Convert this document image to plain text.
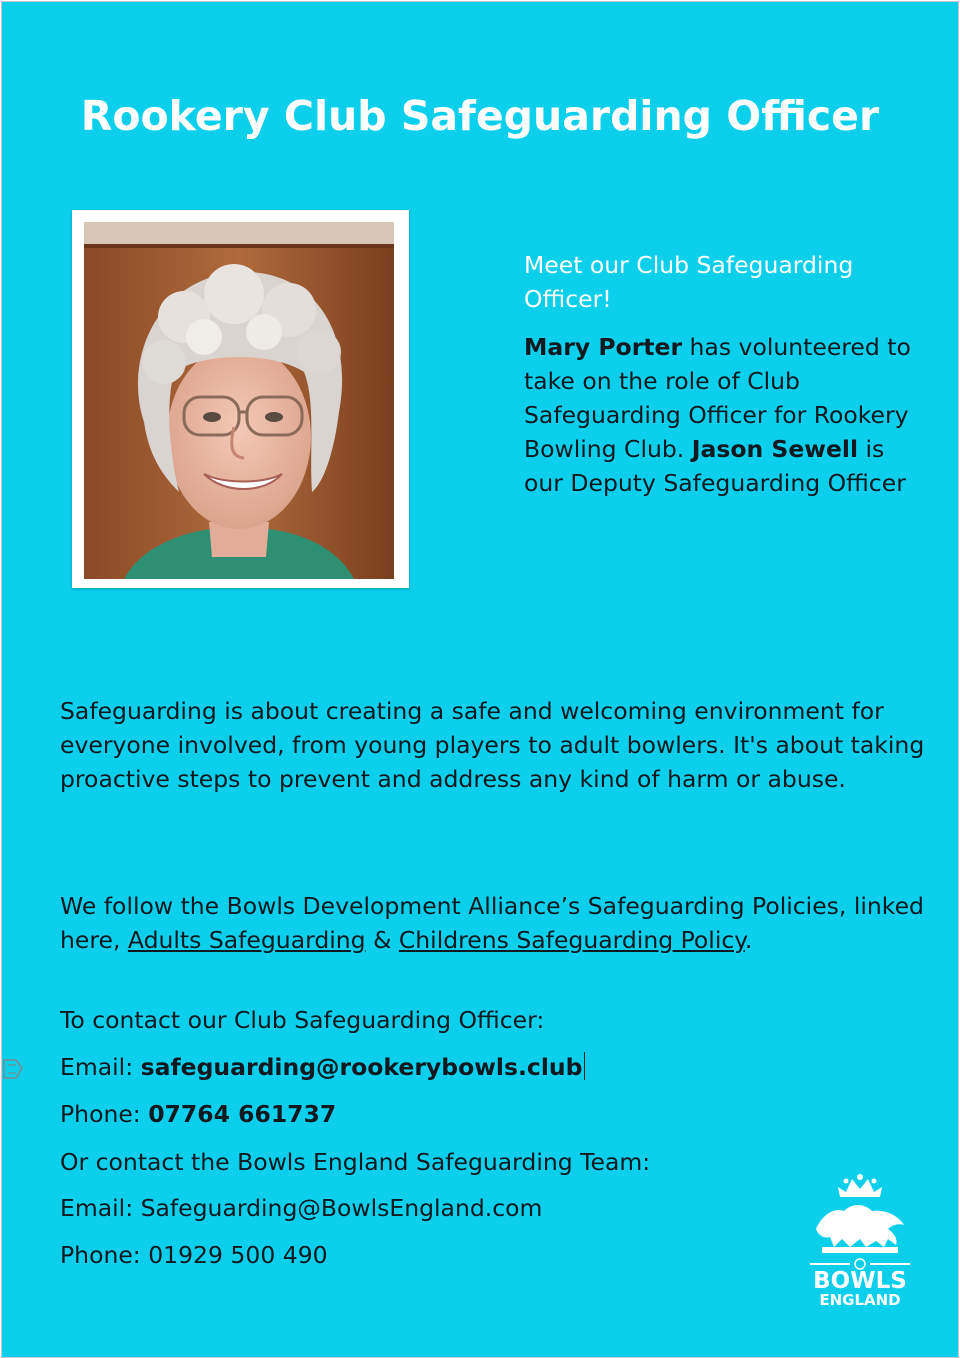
Rookery Club Safeguarding Officer

Meet our Club Safeguarding Officer!

Mary Porter has volunteered to take on the role of Club Safeguarding Officer for Rookery Bowling Club. Jason Sewell is our Deputy Safeguarding Officer

Safeguarding is about creating a safe and welcoming environment for everyone involved, from young players to adult bowlers. It's about taking proactive steps to prevent and address any kind of harm or abuse.

We follow the Bowls Development Alliance’s Safeguarding Policies, linked here, Adults Safeguarding & Childrens Safeguarding Policy.

To contact our Club Safeguarding Officer:

Email: safeguarding@rookerybowls.club

Phone: 07764 661737

Or contact the Bowls England Safeguarding Team:

Email: Safeguarding@BowlsEngland.com

Phone: 01929 500 490

BOWLS
ENGLAND
